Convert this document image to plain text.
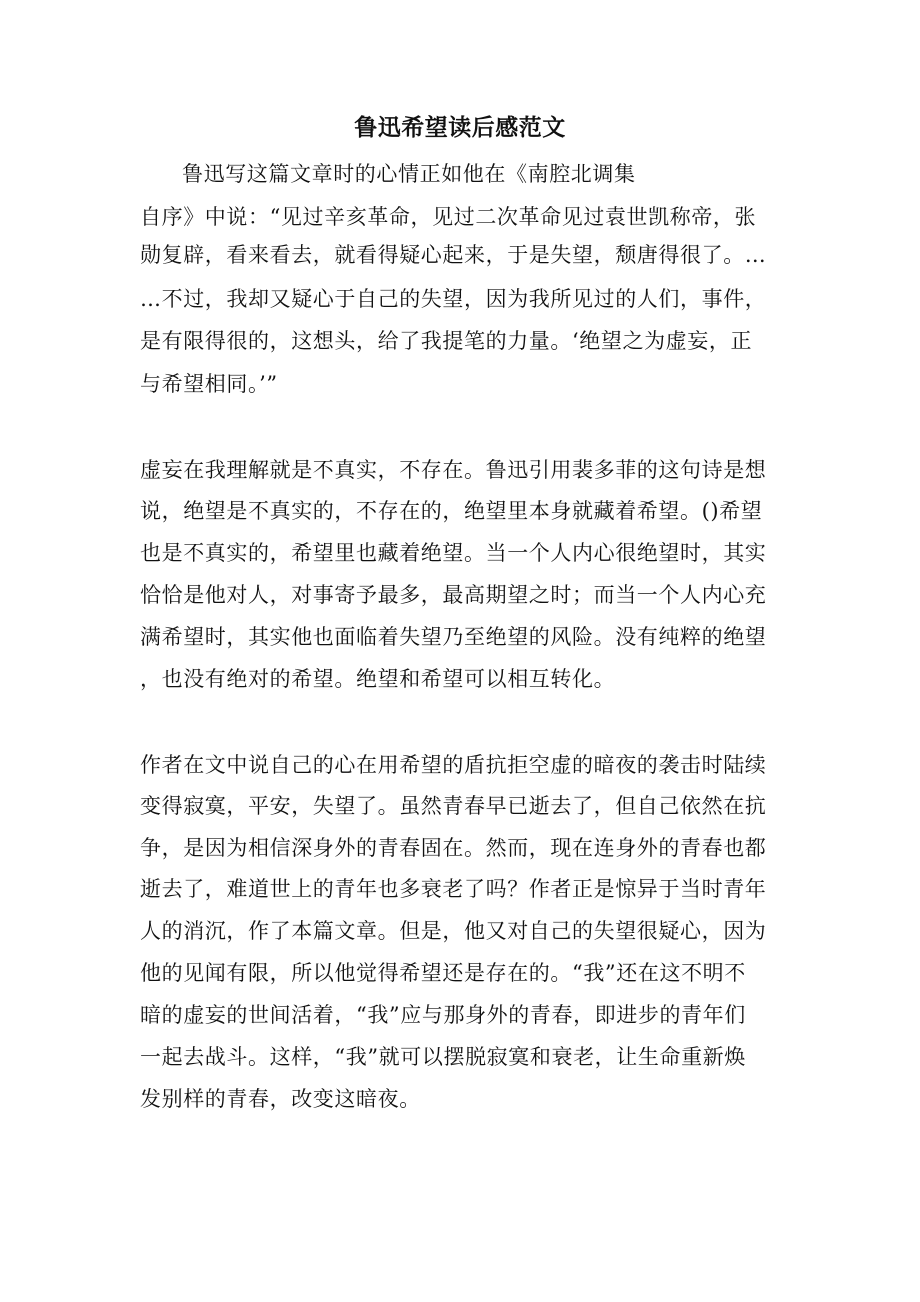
鲁迅希望读后感范文
鲁迅写这篇文章时的心情正如他在《南腔北调集
自序》中说：“见过辛亥革命，见过二次革命见过袁世凯称帝，张
勋复辟，看来看去，就看得疑心起来，于是失望，颓唐得很了。…
…不过，我却又疑心于自己的失望，因为我所见过的人们，事件，
是有限得很的，这想头，给了我提笔的力量。‘绝望之为虚妄，正
与希望相同。’”
虚妄在我理解就是不真实，不存在。鲁迅引用裴多菲的这句诗是想
说，绝望是不真实的，不存在的，绝望里本身就藏着希望。()希望
也是不真实的，希望里也藏着绝望。当一个人内心很绝望时，其实
恰恰是他对人，对事寄予最多，最高期望之时；而当一个人内心充
满希望时，其实他也面临着失望乃至绝望的风险。没有纯粹的绝望
，也没有绝对的希望。绝望和希望可以相互转化。
作者在文中说自己的心在用希望的盾抗拒空虚的暗夜的袭击时陆续
变得寂寞，平安，失望了。虽然青春早已逝去了，但自己依然在抗
争，是因为相信深身外的青春固在。然而，现在连身外的青春也都
逝去了，难道世上的青年也多衰老了吗？作者正是惊异于当时青年
人的消沉，作了本篇文章。但是，他又对自己的失望很疑心，因为
他的见闻有限，所以他觉得希望还是存在的。“我”还在这不明不
暗的虚妄的世间活着，“我”应与那身外的青春，即进步的青年们
一起去战斗。这样，“我”就可以摆脱寂寞和衰老，让生命重新焕
发别样的青春，改变这暗夜。
